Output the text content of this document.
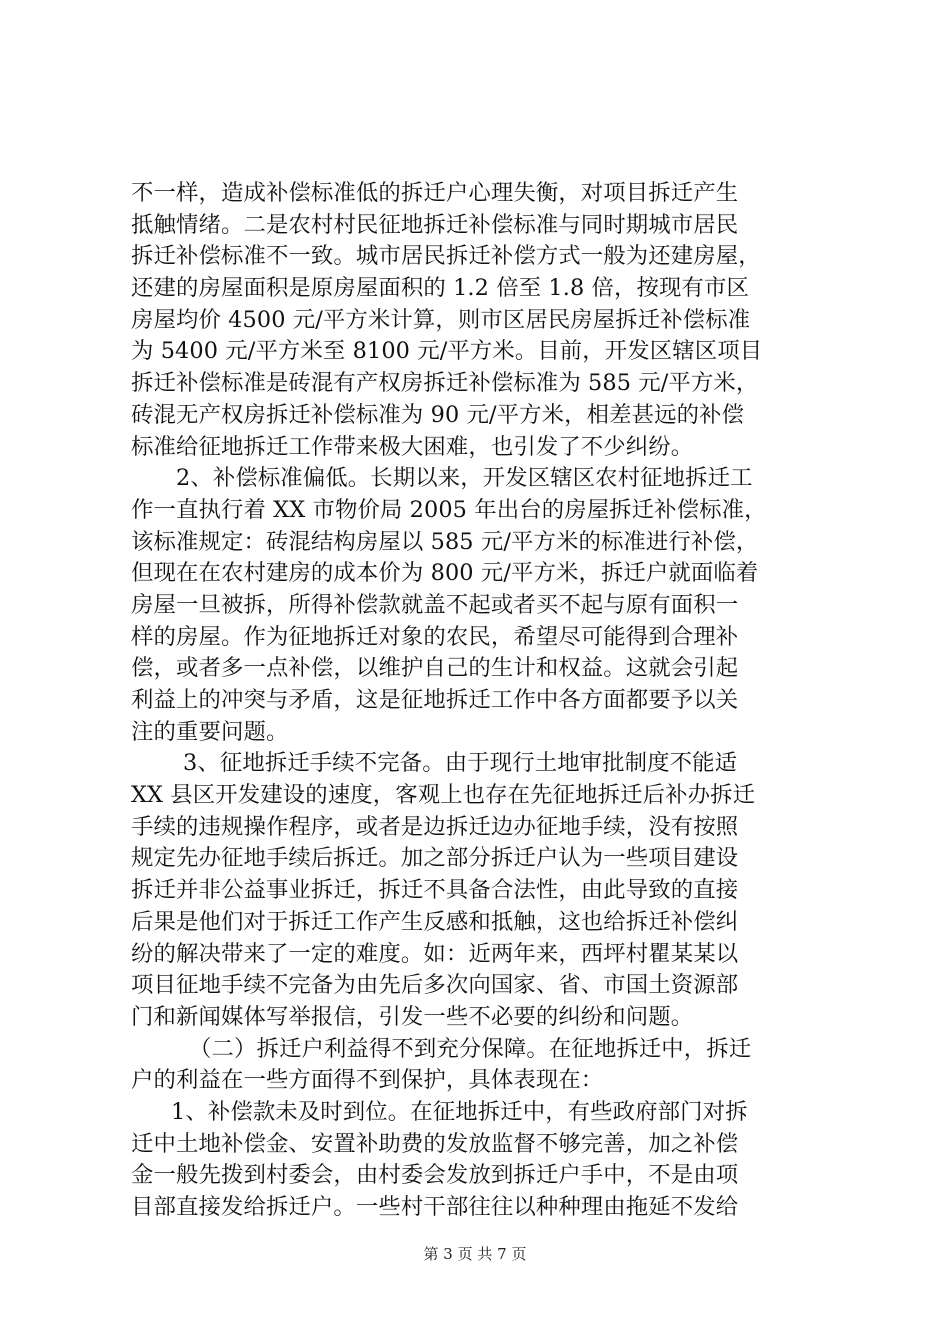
不一样，造成补偿标准低的拆迁户心理失衡，对项目拆迁产生
抵触情绪。二是农村村民征地拆迁补偿标准与同时期城市居民
拆迁补偿标准不一致。城市居民拆迁补偿方式一般为还建房屋，
还建的房屋面积是原房屋面积的 1.2 倍至 1.8 倍，按现有市区
房屋均价 4500 元/平方米计算，则市区居民房屋拆迁补偿标准
为 5400 元/平方米至 8100 元/平方米。目前，开发区辖区项目
拆迁补偿标准是砖混有产权房拆迁补偿标准为 585 元/平方米，
砖混无产权房拆迁补偿标准为 90 元/平方米，相差甚远的补偿
标准给征地拆迁工作带来极大困难，也引发了不少纠纷。
2、补偿标准偏低。长期以来，开发区辖区农村征地拆迁工
作一直执行着 XX 市物价局 2005 年出台的房屋拆迁补偿标准，
该标准规定：砖混结构房屋以 585 元/平方米的标准进行补偿，
但现在在农村建房的成本价为 800 元/平方米，拆迁户就面临着
房屋一旦被拆，所得补偿款就盖不起或者买不起与原有面积一
样的房屋。作为征地拆迁对象的农民，希望尽可能得到合理补
偿，或者多一点补偿，以维护自己的生计和权益。这就会引起
利益上的冲突与矛盾，这是征地拆迁工作中各方面都要予以关
注的重要问题。
3、征地拆迁手续不完备。由于现行土地审批制度不能适
XX 县区开发建设的速度，客观上也存在先征地拆迁后补办拆迁
手续的违规操作程序，或者是边拆迁边办征地手续，没有按照
规定先办征地手续后拆迁。加之部分拆迁户认为一些项目建设
拆迁并非公益事业拆迁，拆迁不具备合法性，由此导致的直接
后果是他们对于拆迁工作产生反感和抵触，这也给拆迁补偿纠
纷的解决带来了一定的难度。如：近两年来，西坪村瞿某某以
项目征地手续不完备为由先后多次向国家、省、市国土资源部
门和新闻媒体写举报信，引发一些不必要的纠纷和问题。
（二）拆迁户利益得不到充分保障。在征地拆迁中，拆迁
户的利益在一些方面得不到保护，具体表现在：
1、补偿款未及时到位。在征地拆迁中，有些政府部门对拆
迁中土地补偿金、安置补助费的发放监督不够完善，加之补偿
金一般先拨到村委会，由村委会发放到拆迁户手中，不是由项
目部直接发给拆迁户。一些村干部往往以种种理由拖延不发给
第 3 页 共 7 页
